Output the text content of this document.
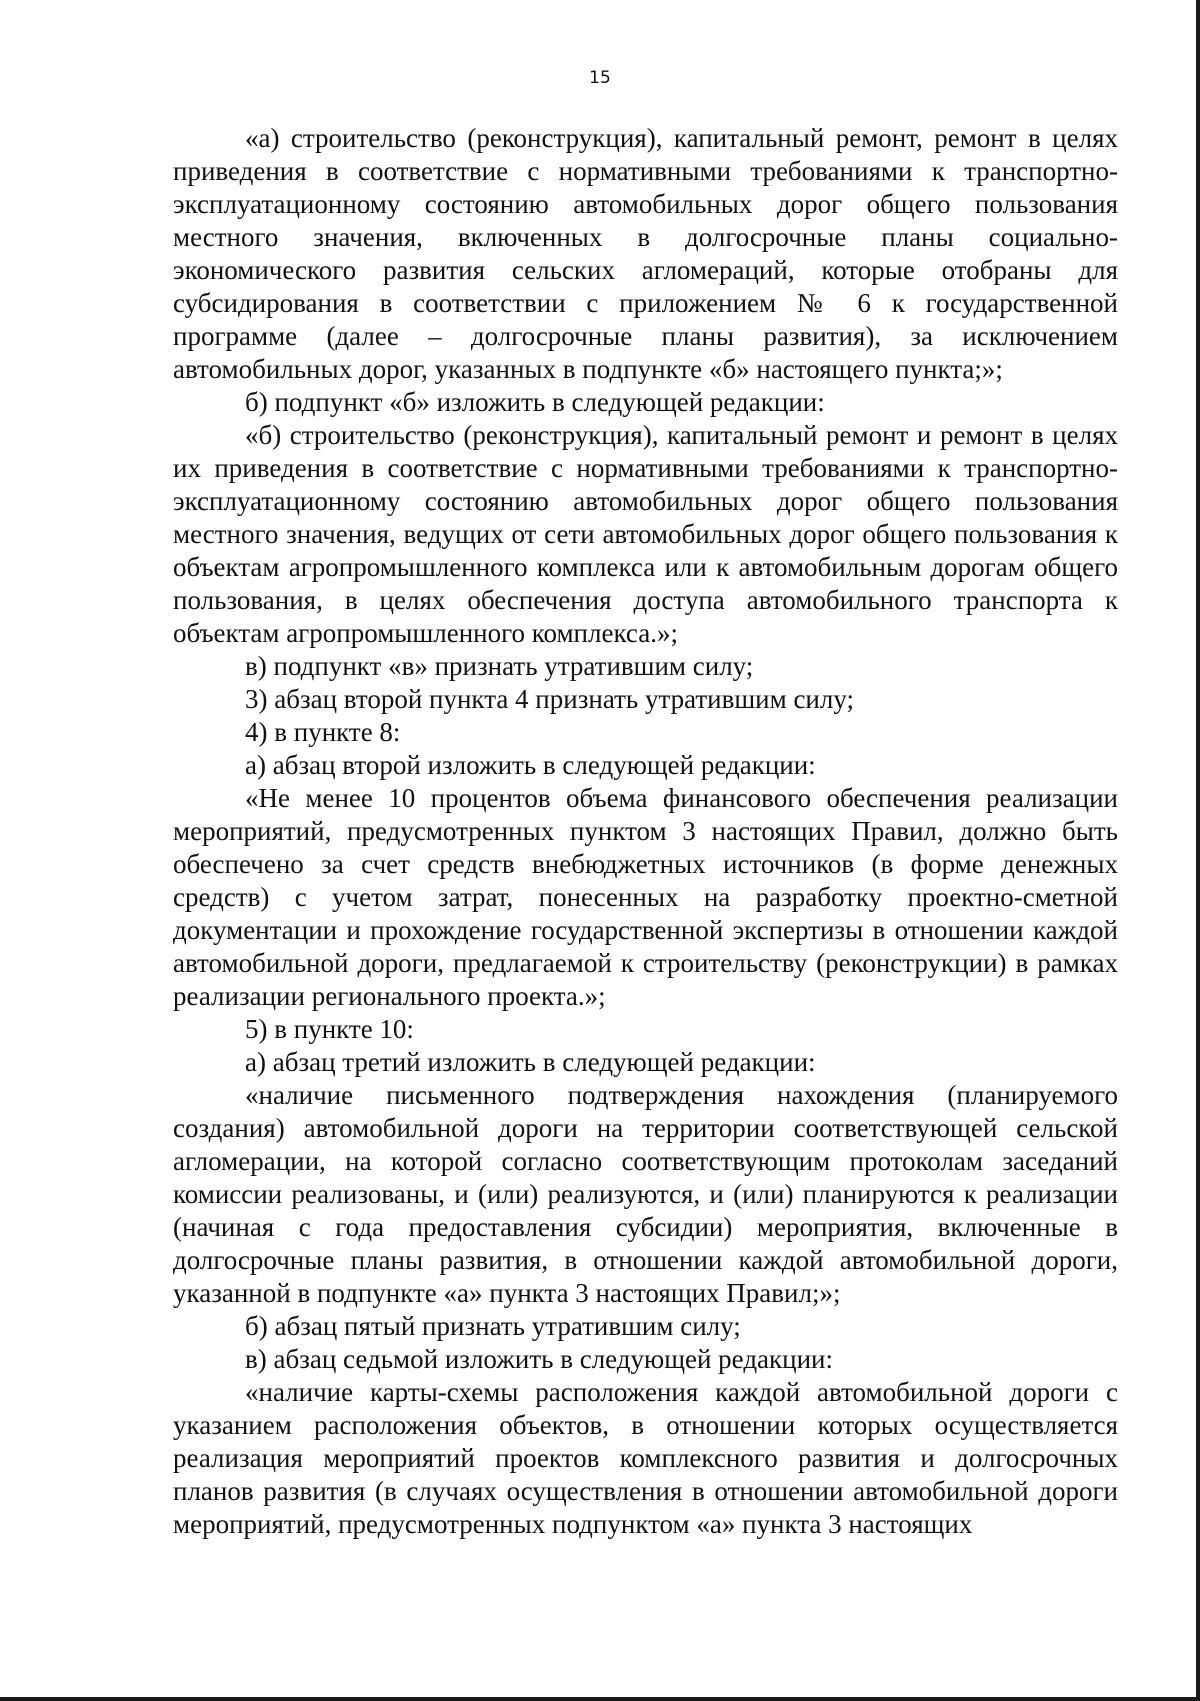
15

«а) строительство (реконструкция), капитальный ремонт, ремонт в целях приведения в соответствие с нормативными требованиями к транспортно-эксплуатационному состоянию автомобильных дорог общего пользования местного значения, включенных в долгосрочные планы социально-экономического развития сельских агломераций, которые отобраны для субсидирования в соответствии с приложением № 6 к государственной программе (далее – долгосрочные планы развития), за исключением автомобильных дорог, указанных в подпункте «б» настоящего пункта;»;

б) подпункт «б» изложить в следующей редакции:

«б) строительство (реконструкция), капитальный ремонт и ремонт в целях их приведения в соответствие с нормативными требованиями к транспортно-эксплуатационному состоянию автомобильных дорог общего пользования местного значения, ведущих от сети автомобильных дорог общего пользования к объектам агропромышленного комплекса или к автомобильным дорогам общего пользования, в целях обеспечения доступа автомобильного транспорта к объектам агропромышленного комплекса.»;

в) подпункт «в» признать утратившим силу;

3) абзац второй пункта 4 признать утратившим силу;

4) в пункте 8:

а) абзац второй изложить в следующей редакции:

«Не менее 10 процентов объема финансового обеспечения реализации мероприятий, предусмотренных пунктом 3 настоящих Правил, должно быть обеспечено за счет средств внебюджетных источников (в форме денежных средств) с учетом затрат, понесенных на разработку проектно-сметной документации и прохождение государственной экспертизы в отношении каждой автомобильной дороги, предлагаемой к строительству (реконструкции) в рамках реализации регионального проекта.»;

5) в пункте 10:

а) абзац третий изложить в следующей редакции:

«наличие письменного подтверждения нахождения (планируемого создания) автомобильной дороги на территории соответствующей сельской агломерации, на которой согласно соответствующим протоколам заседаний комиссии реализованы, и (или) реализуются, и (или) планируются к реализации (начиная с года предоставления субсидии) мероприятия, включенные в долгосрочные планы развития, в отношении каждой автомобильной дороги, указанной в подпункте «а» пункта 3 настоящих Правил;»;

б) абзац пятый признать утратившим силу;

в) абзац седьмой изложить в следующей редакции:

«наличие карты-схемы расположения каждой автомобильной дороги с указанием расположения объектов, в отношении которых осуществляется реализация мероприятий проектов комплексного развития и долгосрочных планов развития (в случаях осуществления в отношении автомобильной дороги мероприятий, предусмотренных подпунктом «а» пункта 3 настоящих
